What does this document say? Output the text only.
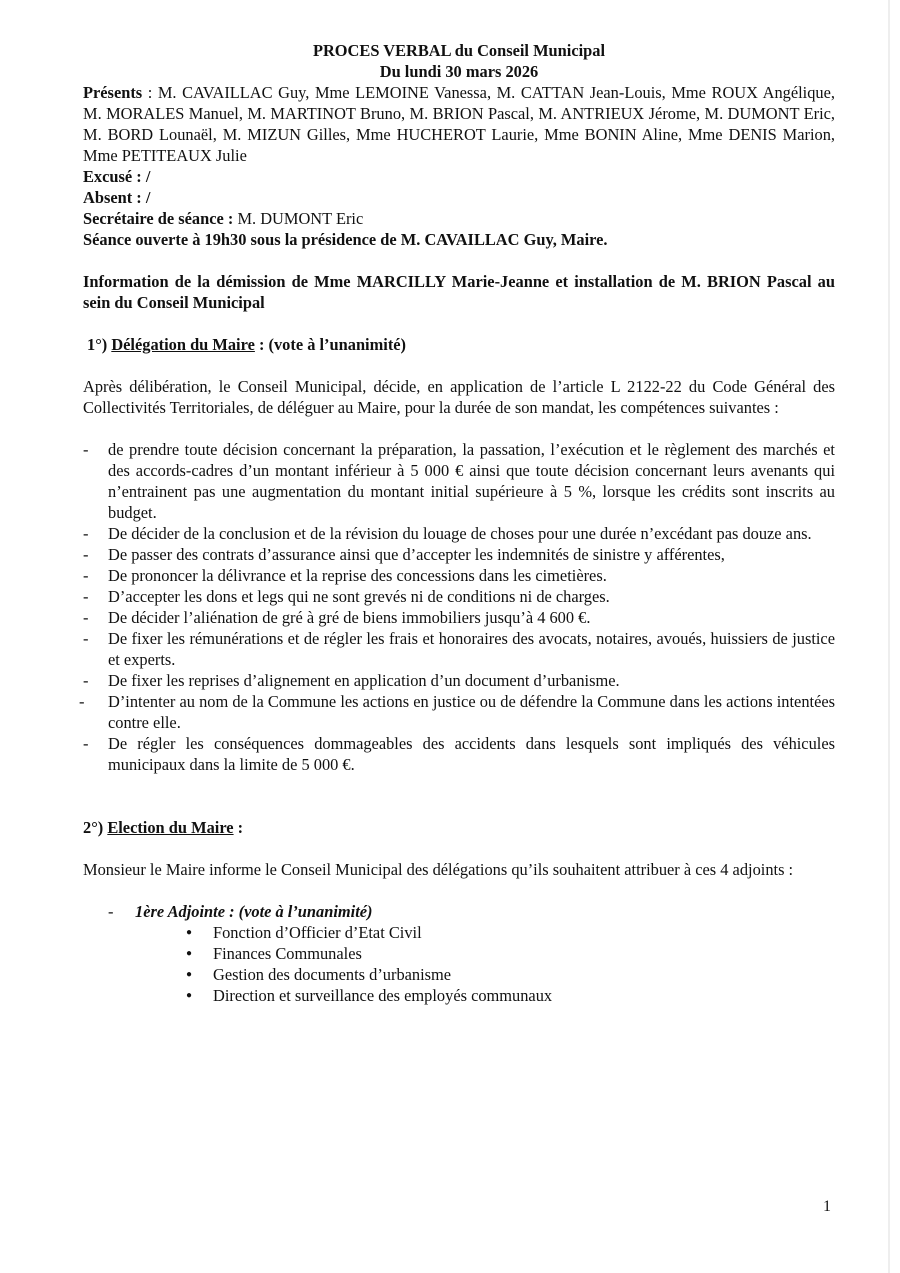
PROCES VERBAL du Conseil Municipal
Du lundi 30 mars 2026
Présents : M. CAVAILLAC Guy, Mme LEMOINE Vanessa, M. CATTAN Jean-Louis, Mme ROUX Angélique, M. MORALES Manuel, M. MARTINOT Bruno, M. BRION Pascal, M. ANTRIEUX Jérome, M. DUMONT Eric, M. BORD Lounaël, M. MIZUN Gilles, Mme HUCHEROT Laurie, Mme BONIN Aline, Mme DENIS Marion, Mme PETITEAUX Julie
Excusé : /
Absent : /
Secrétaire de séance : M. DUMONT Eric
Séance ouverte à 19h30 sous la présidence de M. CAVAILLAC Guy, Maire.
Information de la démission de Mme MARCILLY Marie-Jeanne et installation de M. BRION Pascal au sein du Conseil Municipal
1°) Délégation du Maire : (vote à l’unanimité)
Après délibération, le Conseil Municipal, décide, en application de l’article L 2122-22 du Code Général des Collectivités Territoriales, de déléguer au Maire, pour la durée de son mandat, les compétences suivantes :
- de prendre toute décision concernant la préparation, la passation, l’exécution et le règlement des marchés et des accords-cadres d’un montant inférieur à 5 000 € ainsi que toute décision concernant leurs avenants qui n’entrainent pas une augmentation du montant initial supérieure à 5 %, lorsque les crédits sont inscrits au budget.
- De décider de la conclusion et de la révision du louage de choses pour une durée n’excédant pas douze ans.
- De passer des contrats d’assurance ainsi que d’accepter les indemnités de sinistre y afférentes,
- De prononcer la délivrance et la reprise des concessions dans les cimetières.
- D’accepter les dons et legs qui ne sont grevés ni de conditions ni de charges.
- De décider l’aliénation de gré à gré de biens immobiliers jusqu’à 4 600 €.
- De fixer les rémunérations et de régler les frais et honoraires des avocats, notaires, avoués, huissiers de justice et experts.
- De fixer les reprises d’alignement en application d’un document d’urbanisme.
- D’intenter au nom de la Commune les actions en justice ou de défendre la Commune dans les actions intentées contre elle.
- De régler les conséquences dommageables des accidents dans lesquels sont impliqués des véhicules municipaux dans la limite de 5 000 €.
2°) Election du Maire :
Monsieur le Maire informe le Conseil Municipal des délégations qu’ils souhaitent attribuer à ces 4 adjoints :
- 1ère Adjointe : (vote à l’unanimité)
● Fonction d’Officier d’Etat Civil
● Finances Communales
● Gestion des documents d’urbanisme
● Direction et surveillance des employés communaux
1
